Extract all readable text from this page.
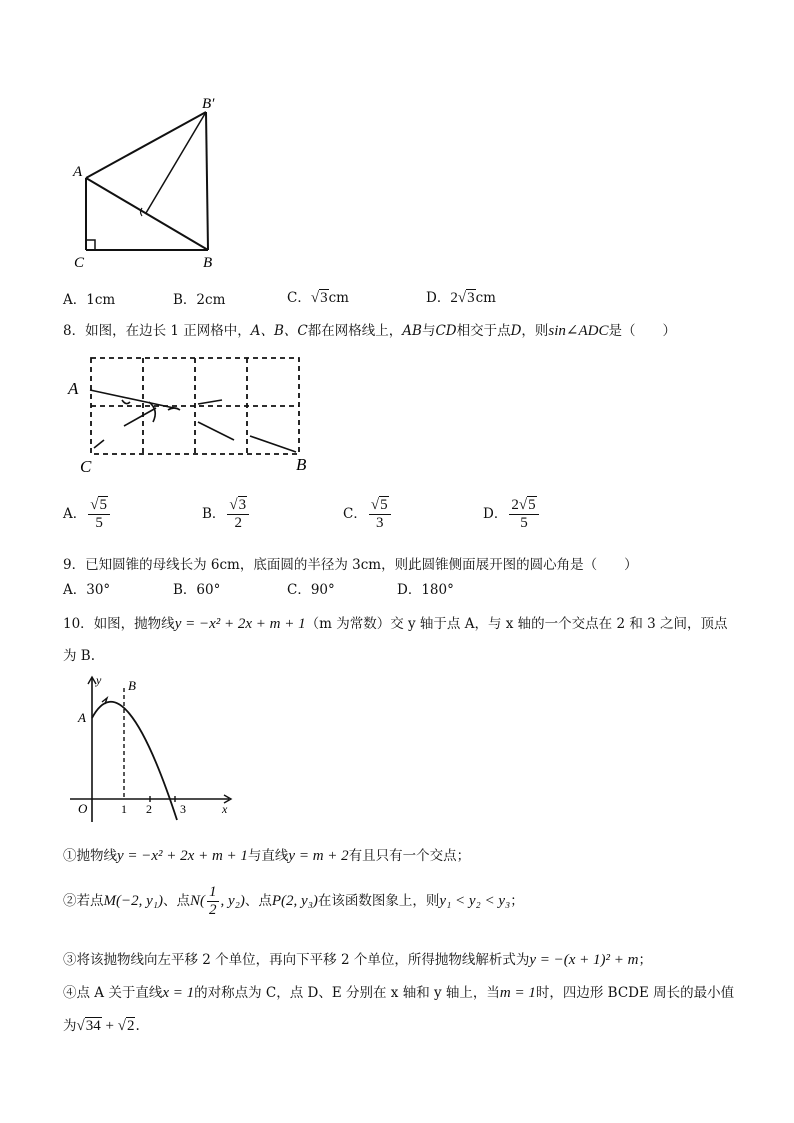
B′
A
C	B
A．1cm	B．2cm	C．√3cm	D．2√3cm
8．如图，在边长 1 正网格中，A、B、C都在网格线上，AB与CD相交于点D，则sin∠ADC是（　　）
A
C	B
A． $\frac{√5}{5}$	B． $\frac{√3}{2}$	C． $\frac{√5}{3}$	D． $\frac{2√5}{5}$
9．已知圆锥的母线长为 6cm，底面圆的半径为 3cm，则此圆锥侧面展开图的圆心角是（　　）
A．30°	B．60°	C．90°	D．180°
10．如图，抛物线y = −x² + 2x + m + 1（m 为常数）交 y 轴于点 A，与 x 轴的一个交点在 2 和 3 之间，顶点
为 B.
y B
A
O	1 2 3	x
①抛物线y = −x² + 2x + m + 1与直线y = m + 2有且只有一个交点；
②若点M(−2, y₁)、点$N( \frac{1}{2}$ , y₂)、点P(2, y₃)在该函数图象上，则y₁ < y₂ < y₃；
③将该抛物线向左平移 2 个单位，再向下平移 2 个单位，所得抛物线解析式为y = −(x + 1)² + m；
④点 A 关于直线x = 1的对称点为 C，点 D、E 分别在 x 轴和 y 轴上，当m = 1时，四边形 BCDE 周长的最小值
为√34 + √2.
